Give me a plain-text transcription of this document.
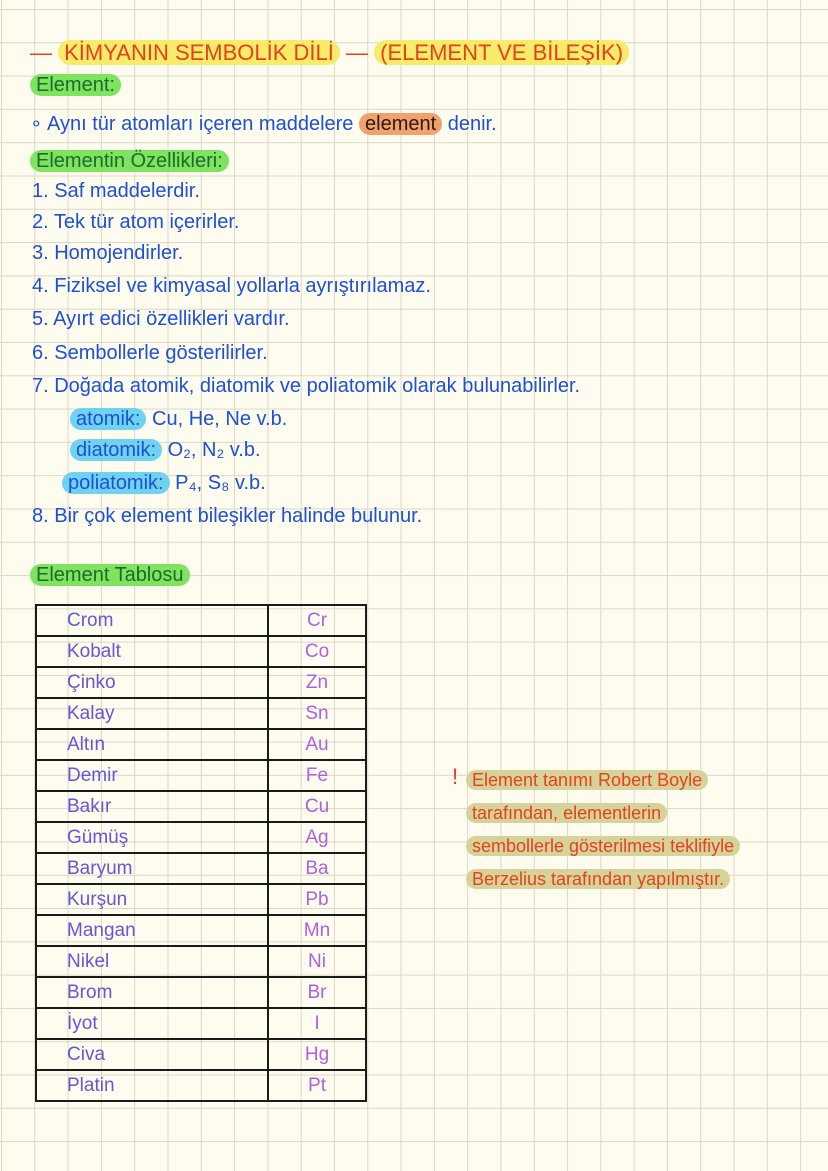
— KİMYANIN SEMBOLİK DİLİ — (ELEMENT VE BİLEŞİK)
Element:
∘ Aynı tür atomları içeren maddelere element denir.
Elementin Özellikleri:
1. Saf maddelerdir.
2. Tek tür atom içerirler.
3. Homojendirler.
4. Fiziksel ve kimyasal yollarla ayrıştırılamaz.
5. Ayırt edici özellikleri vardır.
6. Sembollerle gösterilirler.
7. Doğada atomik, diatomik ve poliatomik olarak bulunabilirler.
atomik: Cu, He, Ne v.b.
diatomik: O₂, N₂ v.b.
poliatomik: P₄, S₈ v.b.
8. Bir çok element bileşikler halinde bulunur.
Element Tablosu
Crom	Cr
Kobalt	Co
Çinko	Zn
Kalay	Sn
Altın	Au
Demir	Fe
Bakır	Cu
Gümüş	Ag
Baryum	Ba
Kurşun	Pb
Mangan	Mn
Nikel	Ni
Brom	Br
İyot	I
Civa	Hg
Platin	Pt
! Element tanımı Robert Boyle
tarafından, elementlerin
sembollerle gösterilmesi teklifiyle
Berzelius tarafından yapılmıştır.
